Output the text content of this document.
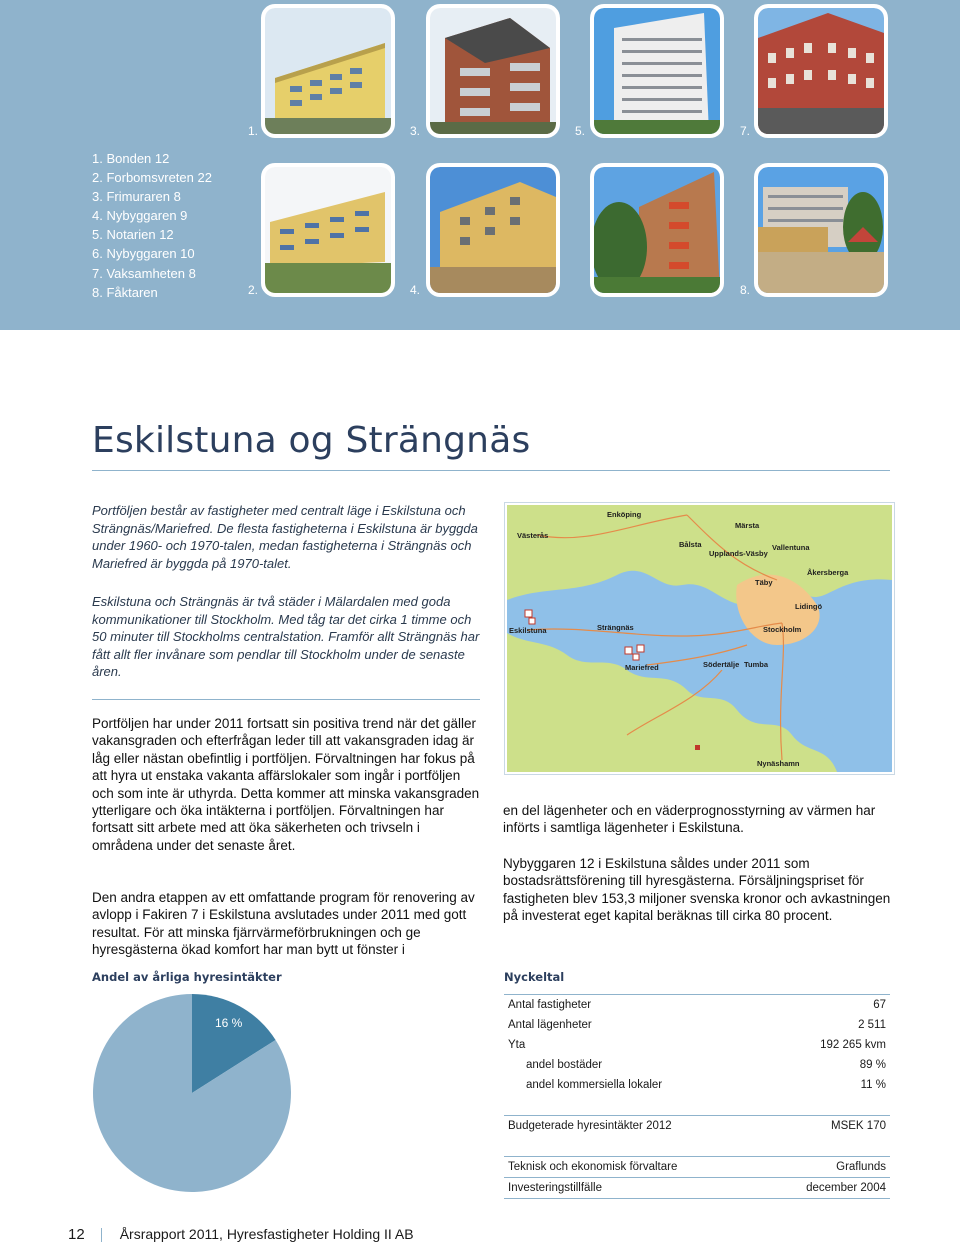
1. Bonden 12
2. Forbomsvreten 22
3. Frimuraren 8
4. Nybyggaren 9
5. Notarien 12
6. Nybyggaren 10
7. Vaksamheten 8
8. Fåktaren
1.	3.	5.	7.
2.	4.	8.
Eskilstuna og Strängnäs

Portföljen består av fastigheter med centralt läge i Eskilstuna och Strängnäs/Mariefred. De flesta fastigheterna i Eskilstuna är byggda under 1960- och 1970-talen, medan fastigheterna i Strängnäs och Mariefred är byggda på 1970-talet.

Eskilstuna och Strängnäs är två städer i Mälardalen med goda kommunikationer till Stockholm. Med tåg tar det cirka 1 timme och 50 minuter till Stockholms centralstation. Framför allt Strängnäs har fått allt fler invånare som pendlar till Stockholm under de senaste åren.

Västerås
Enköping
Märsta
Bålsta
Upplands-Väsby
Vallentuna
Åkersberga
Täby
Lidingö
Stockholm
Eskilstuna	Strängnäs
Mariefred	Södertälje Tumba
Nynäshamn

Portföljen har under 2011 fortsatt sin positiva trend när det gäller vakansgraden och efterfrågan leder till att vakansgraden idag är låg eller nästan obefintlig i portföljen. Förvaltningen har fokus på att hyra ut enstaka vakanta affärslokaler som ingår i portföljen och som inte är uthyrda. Detta kommer att minska vakansgraden ytterligare och öka intäkterna i portföljen. Förvaltningen har fortsatt sitt arbete med att öka säkerheten och trivseln i områdena under det senaste året.

Den andra etappen av ett omfattande program för renovering av avlopp i Fakiren 7 i Eskilstuna avslutades under 2011 med gott resultat. För att minska fjärrvärmeförbrukningen och ge hyresgästerna ökad komfort har man bytt ut fönster i

en del lägenheter och en väderprognosstyrning av värmen har införts i samtliga lägenheter i Eskilstuna.

Nybyggaren 12 i Eskilstuna såldes under 2011 som bostadsrättsförening till hyresgästerna. Försäljningspriset för fastigheten blev 153,3 miljoner svenska kronor och avkastningen på investerat eget kapital beräknas till cirka 80 procent.

Andel av årliga hyresintäkter
16 %
Nyckeltal
Antal fastigheter	67
Antal lägenheter	2 511
Yta	192 265 kvm
andel bostäder	89 %
andel kommersiella lokaler	11 %

Budgeterade hyresintäkter 2012	MSEK 170

Teknisk och ekonomisk förvaltare	Graflunds
Investeringstillfälle	december 2004
12	Årsrapport 2011, Hyresfastigheter Holding II AB
